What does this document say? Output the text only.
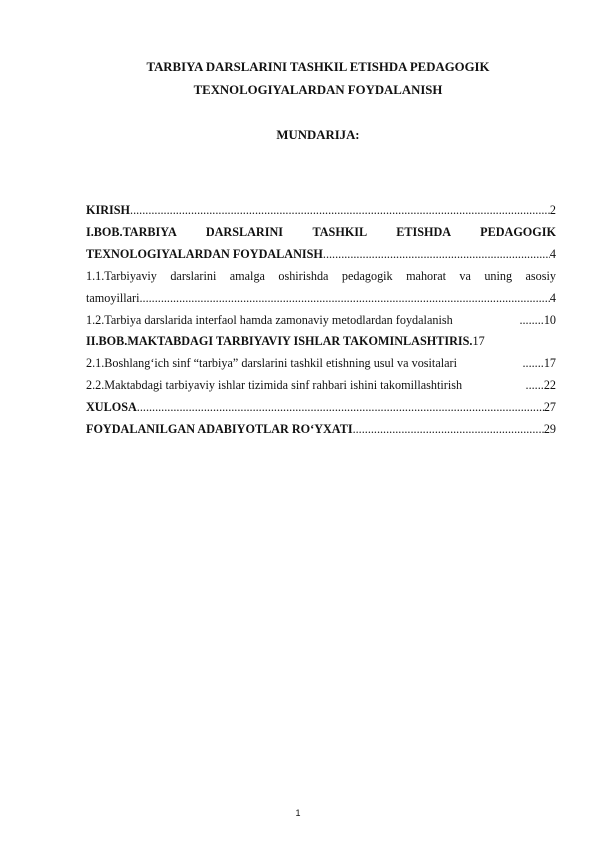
TARBIYA DARSLARINI TASHKIL ETISHDA PEDAGOGIK
TEXNOLOGIYALARDAN FOYDALANISH
MUNDARIJA:
KIRISH .....	2
I.BOB.TARBIYA DARSLARINI TASHKIL ETISHDA PEDAGOGIK
TEXNOLOGIYALARDAN FOYDALANISH .....	4
1.1.Tarbiyaviy darslarini amalga oshirishda pedagogik mahorat va uning asosiy
tamoyillari .....	4
1.2.Tarbiya darslarida interfaol hamda zamonaviy metodlardan foydalanish	........10
II.BOB.MAKTABDAGI TARBIYAVIY ISHLAR TAKOMINLASHTIRIS. 17
2.1.Boshlang‘ich sinf “tarbiya” darslarini tashkil etishning usul va vositalari	.......17
2.2.Maktabdagi tarbiyaviy ishlar tizimida sinf rahbari ishini takomillashtirish	......22
XULOSA .....	27
FOYDALANILGAN ADABIYOTLAR RO‘YXATI .....	29
1
